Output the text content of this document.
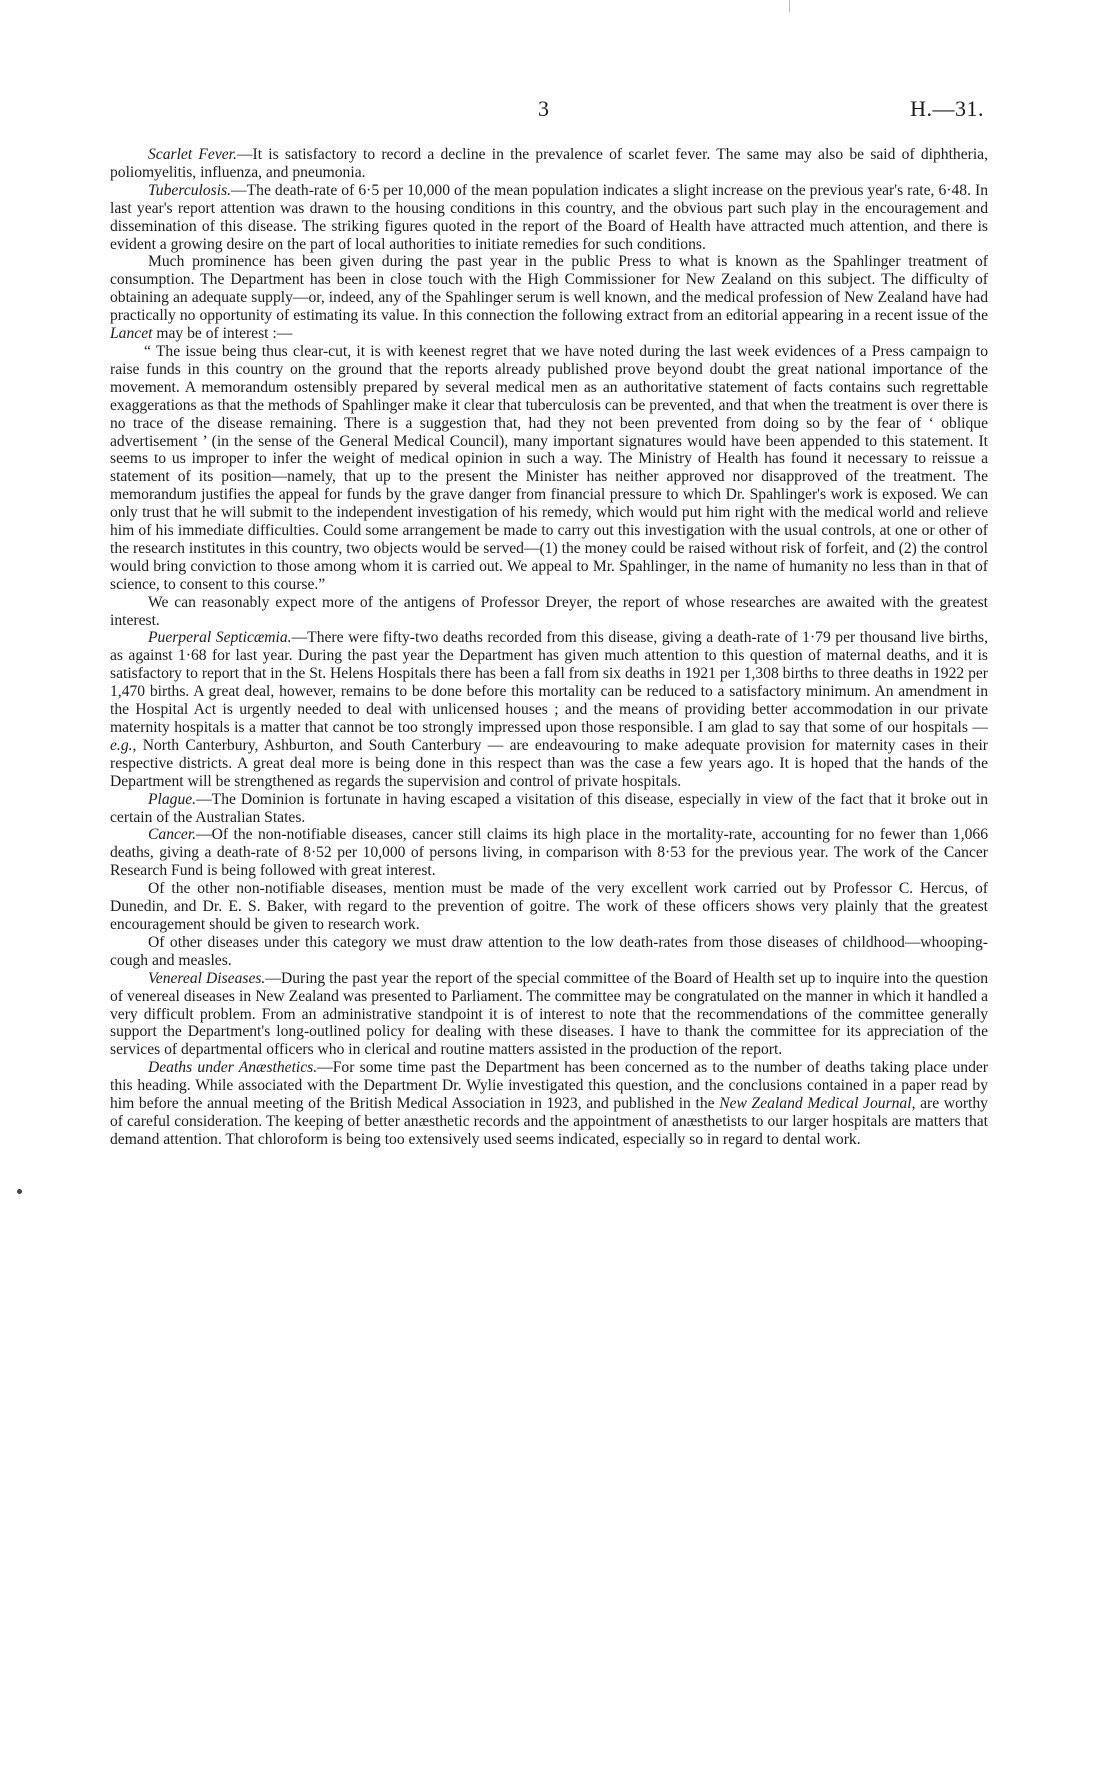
3	H.—31.

Scarlet Fever.—It is satisfactory to record a decline in the prevalence of scarlet fever. The same may also be said of diphtheria, poliomyelitis, influenza, and pneumonia.

Tuberculosis.—The death-rate of 6·5 per 10,000 of the mean population indicates a slight increase on the previous year's rate, 6·48. In last year's report attention was drawn to the housing conditions in this country, and the obvious part such play in the encouragement and dissemination of this disease. The striking figures quoted in the report of the Board of Health have attracted much attention, and there is evident a growing desire on the part of local authorities to initiate remedies for such conditions.

Much prominence has been given during the past year in the public Press to what is known as the Spahlinger treatment of consumption. The Department has been in close touch with the High Commissioner for New Zealand on this subject. The difficulty of obtaining an adequate supply—or, indeed, any of the Spahlinger serum is well known, and the medical profession of New Zealand have had practically no opportunity of estimating its value. In this connection the following extract from an editorial appearing in a recent issue of the Lancet may be of interest :—

“ The issue being thus clear-cut, it is with keenest regret that we have noted during the last week evidences of a Press campaign to raise funds in this country on the ground that the reports already published prove beyond doubt the great national importance of the movement. A memorandum ostensibly prepared by several medical men as an authoritative statement of facts contains such regrettable exaggerations as that the methods of Spahlinger make it clear that tuberculosis can be prevented, and that when the treatment is over there is no trace of the disease remaining. There is a suggestion that, had they not been prevented from doing so by the fear of ‘ oblique advertisement ’ (in the sense of the General Medical Council), many important signatures would have been appended to this statement. It seems to us improper to infer the weight of medical opinion in such a way. The Ministry of Health has found it necessary to reissue a statement of its position—namely, that up to the present the Minister has neither approved nor disapproved of the treatment. The memorandum justifies the appeal for funds by the grave danger from financial pressure to which Dr. Spahlinger's work is exposed. We can only trust that he will submit to the independent investigation of his remedy, which would put him right with the medical world and relieve him of his immediate difficulties. Could some arrangement be made to carry out this investigation with the usual controls, at one or other of the research institutes in this country, two objects would be served—(1) the money could be raised without risk of forfeit, and (2) the control would bring conviction to those among whom it is carried out. We appeal to Mr. Spahlinger, in the name of humanity no less than in that of science, to consent to this course.”

We can reasonably expect more of the antigens of Professor Dreyer, the report of whose researches are awaited with the greatest interest.

Puerperal Septicæmia.—There were fifty-two deaths recorded from this disease, giving a death-rate of 1·79 per thousand live births, as against 1·68 for last year. During the past year the Department has given much attention to this question of maternal deaths, and it is satisfactory to report that in the St. Helens Hospitals there has been a fall from six deaths in 1921 per 1,308 births to three deaths in 1922 per 1,470 births. A great deal, however, remains to be done before this mortality can be reduced to a satisfactory minimum. An amendment in the Hospital Act is urgently needed to deal with unlicensed houses ; and the means of providing better accommodation in our private maternity hospitals is a matter that cannot be too strongly impressed upon those responsible. I am glad to say that some of our hospitals — e.g., North Canterbury, Ashburton, and South Canterbury — are endeavouring to make adequate provision for maternity cases in their respective districts. A great deal more is being done in this respect than was the case a few years ago. It is hoped that the hands of the Department will be strengthened as regards the supervision and control of private hospitals.

Plague.—The Dominion is fortunate in having escaped a visitation of this disease, especially in view of the fact that it broke out in certain of the Australian States.

Cancer.—Of the non-notifiable diseases, cancer still claims its high place in the mortality-rate, accounting for no fewer than 1,066 deaths, giving a death-rate of 8·52 per 10,000 of persons living, in comparison with 8·53 for the previous year. The work of the Cancer Research Fund is being followed with great interest.

Of the other non-notifiable diseases, mention must be made of the very excellent work carried out by Professor C. Hercus, of Dunedin, and Dr. E. S. Baker, with regard to the prevention of goitre. The work of these officers shows very plainly that the greatest encouragement should be given to research work.

Of other diseases under this category we must draw attention to the low death-rates from those diseases of childhood—whooping-cough and measles.

Venereal Diseases.—During the past year the report of the special committee of the Board of Health set up to inquire into the question of venereal diseases in New Zealand was presented to Parliament. The committee may be congratulated on the manner in which it handled a very difficult problem. From an administrative standpoint it is of interest to note that the recommendations of the committee generally support the Department's long-outlined policy for dealing with these diseases. I have to thank the committee for its appreciation of the services of departmental officers who in clerical and routine matters assisted in the production of the report.

Deaths under Anæsthetics.—For some time past the Department has been concerned as to the number of deaths taking place under this heading. While associated with the Department Dr. Wylie investigated this question, and the conclusions contained in a paper read by him before the annual meeting of the British Medical Association in 1923, and published in the New Zealand Medical Journal, are worthy of careful consideration. The keeping of better anæsthetic records and the appointment of anæsthetists to our larger hospitals are matters that demand attention. That chloroform is being too extensively used seems indicated, especially so in regard to dental work.
